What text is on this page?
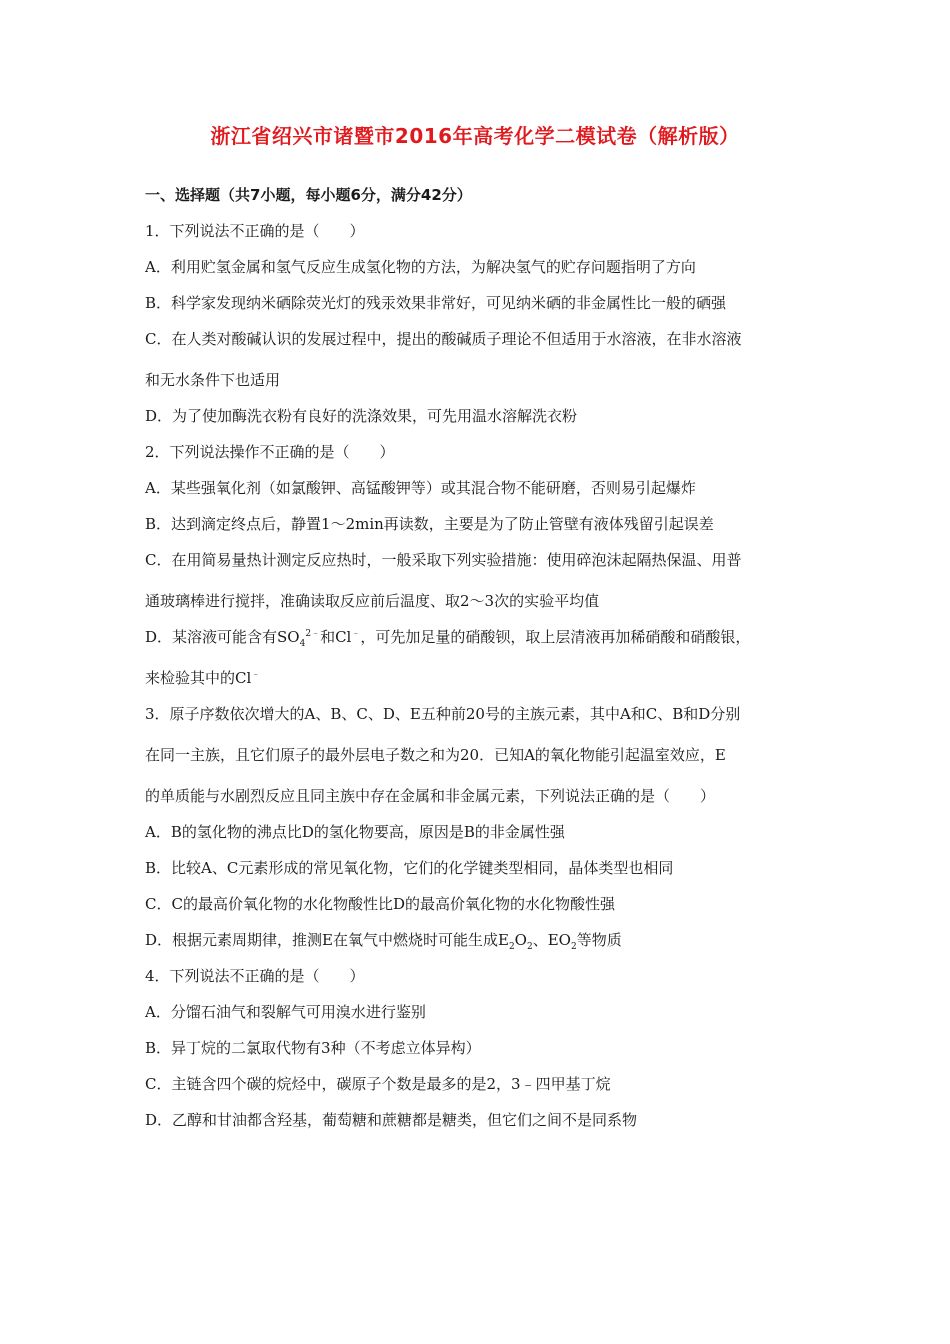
浙江省绍兴市诸暨市2016年高考化学二模试卷（解析版）
一、选择题（共7小题，每小题6分，满分42分）
1．下列说法不正确的是（　　）
A．利用贮氢金属和氢气反应生成氢化物的方法，为解决氢气的贮存问题指明了方向
B．科学家发现纳米硒除荧光灯的残汞效果非常好，可见纳米硒的非金属性比一般的硒强
C．在人类对酸碱认识的发展过程中，提出的酸碱质子理论不但适用于水溶液，在非水溶液
和无水条件下也适用
D．为了使加酶洗衣粉有良好的洗涤效果，可先用温水溶解洗衣粉
2．下列说法操作不正确的是（　　）
A．某些强氧化剂（如氯酸钾、高锰酸钾等）或其混合物不能研磨，否则易引起爆炸
B．达到滴定终点后，静置1～2min再读数，主要是为了防止管壁有液体残留引起误差
C．在用简易量热计测定反应热时，一般采取下列实验措施：使用碎泡沫起隔热保温、用普
通玻璃棒进行搅拌，准确读取反应前后温度、取2～3次的实验平均值
D．某溶液可能含有$SO_4^{2﹣}$和Cl﹣，可先加足量的硝酸钡，取上层清液再加稀硝酸和硝酸银，
来检验其中的Cl﹣
3．原子序数依次增大的A、B、C、D、E五种前20号的主族元素，其中A和C、B和D分别
在同一主族，且它们原子的最外层电子数之和为20．已知A的氧化物能引起温室效应，E
的单质能与水剧烈反应且同主族中存在金属和非金属元素，下列说法正确的是（　　）
A．B的氢化物的沸点比D的氢化物要高，原因是B的非金属性强
B．比较A、C元素形成的常见氧化物，它们的化学键类型相同，晶体类型也相同
C．C的最高价氧化物的水化物酸性比D的最高价氧化物的水化物酸性强
D．根据元素周期律，推测E在氧气中燃烧时可能生成$E_2O_2$、$EO_2$等物质
4．下列说法不正确的是（　　）
A．分馏石油气和裂解气可用溴水进行鉴别
B．异丁烷的二氯取代物有3种（不考虑立体异构）
C．主链含四个碳的烷烃中，碳原子个数是最多的是2，3﹣四甲基丁烷
D．乙醇和甘油都含羟基，葡萄糖和蔗糖都是糖类，但它们之间不是同系物
